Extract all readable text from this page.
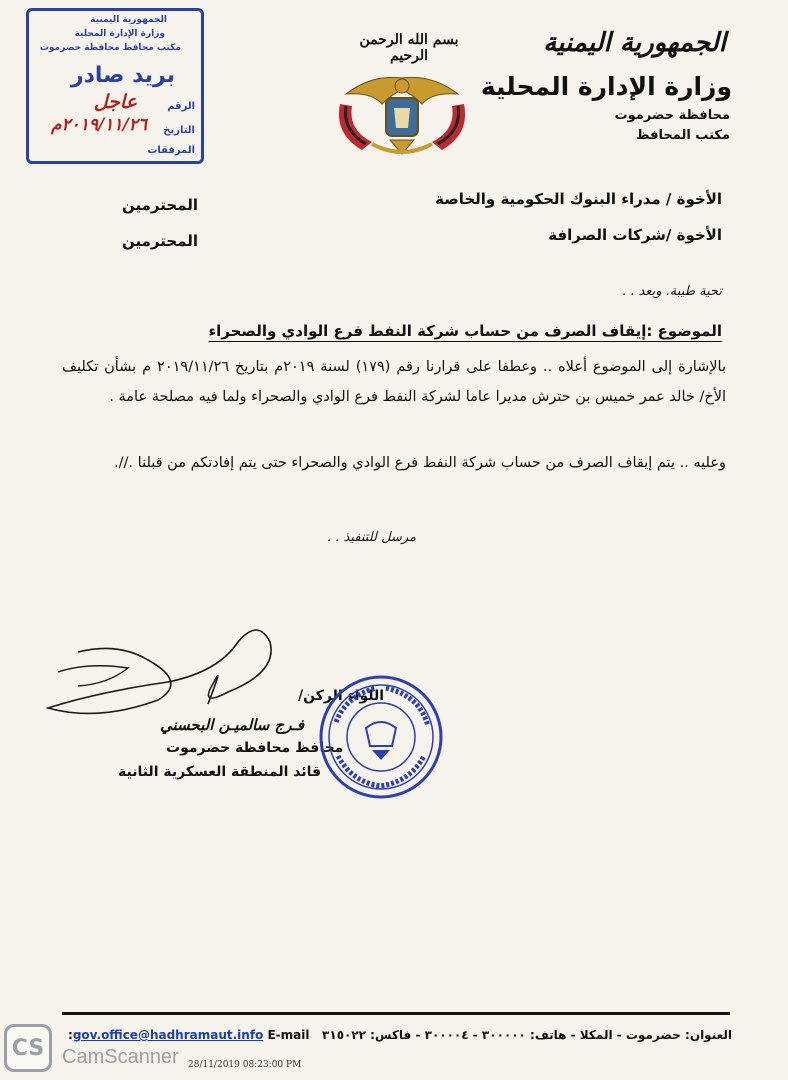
الجمهورية اليمنية
وزارة الإدارة المحلية
مكتب محافظ محافظة حضرموت
بريد صادر
الرقم
عاجل
التاريخ
٢٠١٩/١١/٢٦م
المرفقات
بسم الله الرحمن الرحيم	الجمهورية اليمنية
وزارة الإدارة المحلية
محافظة حضرموت
مكتب المحافظ
الأخوة / مدراء البنوك الحكومية والخاصة
المحترمين
الأخوة /شركات الصرافة
المحترمين
تحية طيبة. وبعد . .
الموضوع :إيقاف الصرف من حساب شركة النفط فرع الوادي والصحراء
بالإشارة إلى الموضوع أعلاه .. وعطفا على قرارنا رقم (١٧٩) لسنة ٢٠١٩م بتاريخ ٢٠١٩/١١/٢٦ م بشأن تكليف الأخ/ خالد عمر خميس بن حترش مديرا عاما لشركة النفط فرع الوادي والصحراء ولما فيه مصلحة عامة .
وعليه .. يتم إيقاف الصرف من حساب شركة النفط فرع الوادي والصحراء حتى يتم إفادتكم من قبلنا .//.
مرسل للتنفيذ . .
اللواء الركن/
فـرج سالميـن البحسني
محافظ محافظة حضرموت
قائد المنطقة العسكرية الثانية
العنوان: حضرموت - المكلا - هاتف: ٣٠٠٠٠٠ - ٣٠٠٠٠٤ - فاكس: ٣١٥٠٢٢   gov.office@hadhramaut.info E-mail:
28/11/2019 08:23:00 PM
CS CamScanner
